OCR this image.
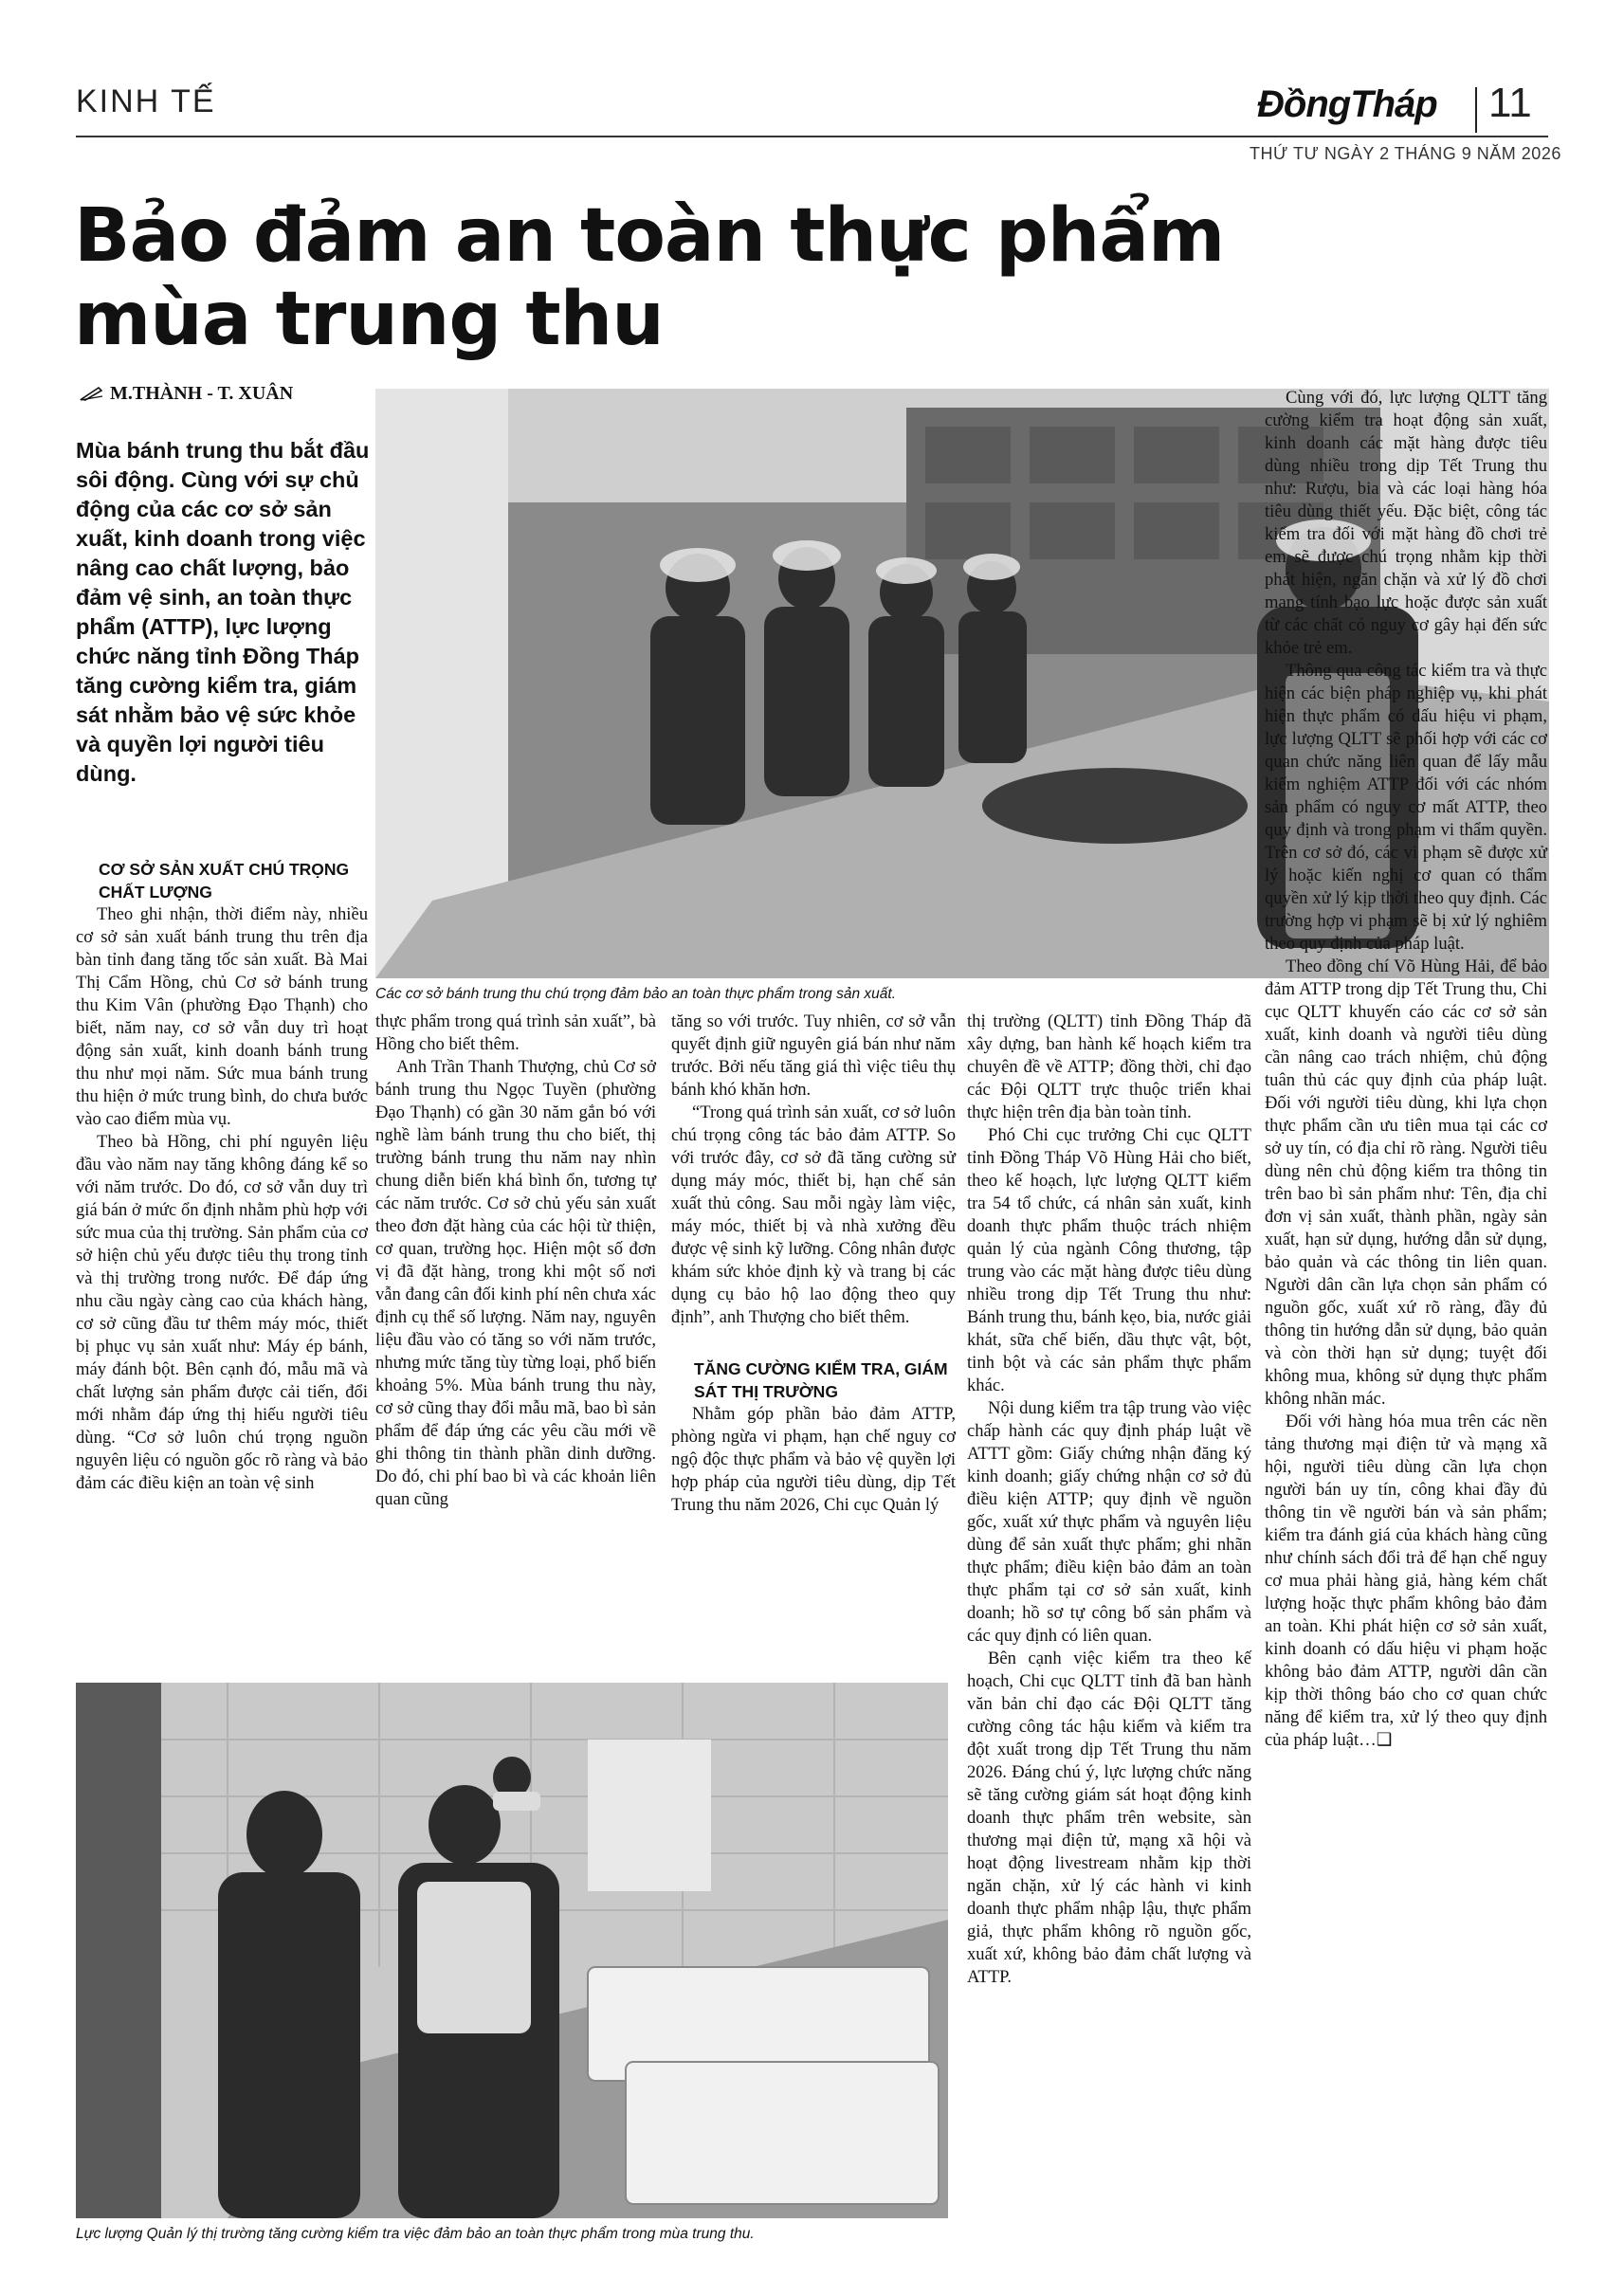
KINH TẾ	ĐồngTháp 11
THỨ TƯ NGÀY 2 THÁNG 9 NĂM 2026
Bảo đảm an toàn thực phẩm mùa trung thu
M.THÀNH - T. XUÂN
Mùa bánh trung thu bắt đầu sôi động. Cùng với sự chủ động của các cơ sở sản xuất, kinh doanh trong việc nâng cao chất lượng, bảo đảm vệ sinh, an toàn thực phẩm (ATTP), lực lượng chức năng tỉnh Đồng Tháp tăng cường kiểm tra, giám sát nhằm bảo vệ sức khỏe và quyền lợi người tiêu dùng.
Các cơ sở bánh trung thu chú trọng đảm bảo an toàn thực phẩm trong sản xuất.
CƠ SỞ SẢN XUẤT CHÚ TRỌNG CHẤT LƯỢNG

Theo ghi nhận, thời điểm này, nhiều cơ sở sản xuất bánh trung thu trên địa bàn tỉnh đang tăng tốc sản xuất. Bà Mai Thị Cẩm Hồng, chủ Cơ sở bánh trung thu Kim Vân (phường Đạo Thạnh) cho biết, năm nay, cơ sở vẫn duy trì hoạt động sản xuất, kinh doanh bánh trung thu như mọi năm. Sức mua bánh trung thu hiện ở mức trung bình, do chưa bước vào cao điểm mùa vụ.

Theo bà Hồng, chi phí nguyên liệu đầu vào năm nay tăng không đáng kể so với năm trước. Do đó, cơ sở vẫn duy trì giá bán ở mức ổn định nhằm phù hợp với sức mua của thị trường. Sản phẩm của cơ sở hiện chủ yếu được tiêu thụ trong tỉnh và thị trường trong nước. Để đáp ứng nhu cầu ngày càng cao của khách hàng, cơ sở cũng đầu tư thêm máy móc, thiết bị phục vụ sản xuất như: Máy ép bánh, máy đánh bột. Bên cạnh đó, mẫu mã và chất lượng sản phẩm được cải tiến, đổi mới nhằm đáp ứng thị hiếu người tiêu dùng. “Cơ sở luôn chú trọng nguồn nguyên liệu có nguồn gốc rõ ràng và bảo đảm các điều kiện an toàn vệ sinh

thực phẩm trong quá trình sản xuất”, bà Hồng cho biết thêm.

Anh Trần Thanh Thượng, chủ Cơ sở bánh trung thu Ngọc Tuyền (phường Đạo Thạnh) có gần 30 năm gắn bó với nghề làm bánh trung thu cho biết, thị trường bánh trung thu năm nay nhìn chung diễn biến khá bình ổn, tương tự các năm trước. Cơ sở chủ yếu sản xuất theo đơn đặt hàng của các hội từ thiện, cơ quan, trường học. Hiện một số đơn vị đã đặt hàng, trong khi một số nơi vẫn đang cân đối kinh phí nên chưa xác định cụ thể số lượng. Năm nay, nguyên liệu đầu vào có tăng so với năm trước, nhưng mức tăng tùy từng loại, phổ biến khoảng 5%. Mùa bánh trung thu này, cơ sở cũng thay đổi mẫu mã, bao bì sản phẩm để đáp ứng các yêu cầu mới về ghi thông tin thành phần dinh dưỡng. Do đó, chi phí bao bì và các khoản liên quan cũng

tăng so với trước. Tuy nhiên, cơ sở vẫn quyết định giữ nguyên giá bán như năm trước. Bởi nếu tăng giá thì việc tiêu thụ bánh khó khăn hơn.

“Trong quá trình sản xuất, cơ sở luôn chú trọng công tác bảo đảm ATTP. So với trước đây, cơ sở đã tăng cường sử dụng máy móc, thiết bị, hạn chế sản xuất thủ công. Sau mỗi ngày làm việc, máy móc, thiết bị và nhà xưởng đều được vệ sinh kỹ lưỡng. Công nhân được khám sức khỏe định kỳ và trang bị các dụng cụ bảo hộ lao động theo quy định”, anh Thượng cho biết thêm.

TĂNG CƯỜNG KIỂM TRA, GIÁM SÁT THỊ TRƯỜNG

Nhằm góp phần bảo đảm ATTP, phòng ngừa vi phạm, hạn chế nguy cơ ngộ độc thực phẩm và bảo vệ quyền lợi hợp pháp của người tiêu dùng, dịp Tết Trung thu năm 2026, Chi cục Quản lý

thị trường (QLTT) tỉnh Đồng Tháp đã xây dựng, ban hành kế hoạch kiểm tra chuyên đề về ATTP; đồng thời, chỉ đạo các Đội QLTT trực thuộc triển khai thực hiện trên địa bàn toàn tỉnh.

Phó Chi cục trưởng Chi cục QLTT tỉnh Đồng Tháp Võ Hùng Hải cho biết, theo kế hoạch, lực lượng QLTT kiểm tra 54 tổ chức, cá nhân sản xuất, kinh doanh thực phẩm thuộc trách nhiệm quản lý của ngành Công thương, tập trung vào các mặt hàng được tiêu dùng nhiều trong dịp Tết Trung thu như: Bánh trung thu, bánh kẹo, bia, nước giải khát, sữa chế biến, dầu thực vật, bột, tinh bột và các sản phẩm thực phẩm khác.

Nội dung kiểm tra tập trung vào việc chấp hành các quy định pháp luật về ATTT gồm: Giấy chứng nhận đăng ký kinh doanh; giấy chứng nhận cơ sở đủ điều kiện ATTP; quy định về nguồn gốc, xuất xứ thực phẩm và nguyên liệu dùng để sản xuất thực phẩm; ghi nhãn thực phẩm; điều kiện bảo đảm an toàn thực phẩm tại cơ sở sản xuất, kinh doanh; hồ sơ tự công bố sản phẩm và các quy định có liên quan.

Bên cạnh việc kiểm tra theo kế hoạch, Chi cục QLTT tỉnh đã ban hành văn bản chỉ đạo các Đội QLTT tăng cường công tác hậu kiểm và kiểm tra đột xuất trong dịp Tết Trung thu năm 2026. Đáng chú ý, lực lượng chức năng sẽ tăng cường giám sát hoạt động kinh doanh thực phẩm trên website, sàn thương mại điện tử, mạng xã hội và hoạt động livestream nhằm kịp thời ngăn chặn, xử lý các hành vi kinh doanh thực phẩm nhập lậu, thực phẩm giả, thực phẩm không rõ nguồn gốc, xuất xứ, không bảo đảm chất lượng và ATTP.

Cùng với đó, lực lượng QLTT tăng cường kiểm tra hoạt động sản xuất, kinh doanh các mặt hàng được tiêu dùng nhiều trong dịp Tết Trung thu như: Rượu, bia và các loại hàng hóa tiêu dùng thiết yếu. Đặc biệt, công tác kiểm tra đối với mặt hàng đồ chơi trẻ em sẽ được chú trọng nhằm kịp thời phát hiện, ngăn chặn và xử lý đồ chơi mang tính bạo lực hoặc được sản xuất từ các chất có nguy cơ gây hại đến sức khỏe trẻ em.

Thông qua công tác kiểm tra và thực hiện các biện pháp nghiệp vụ, khi phát hiện thực phẩm có dấu hiệu vi phạm, lực lượng QLTT sẽ phối hợp với các cơ quan chức năng liên quan để lấy mẫu kiểm nghiệm ATTP đối với các nhóm sản phẩm có nguy cơ mất ATTP, theo quy định và trong phạm vi thẩm quyền. Trên cơ sở đó, các vi phạm sẽ được xử lý hoặc kiến nghị cơ quan có thẩm quyền xử lý kịp thời theo quy định. Các trường hợp vi phạm sẽ bị xử lý nghiêm theo quy định của pháp luật.

Theo đồng chí Võ Hùng Hải, để bảo đảm ATTP trong dịp Tết Trung thu, Chi cục QLTT khuyến cáo các cơ sở sản xuất, kinh doanh và người tiêu dùng cần nâng cao trách nhiệm, chủ động tuân thủ các quy định của pháp luật. Đối với người tiêu dùng, khi lựa chọn thực phẩm cần ưu tiên mua tại các cơ sở uy tín, có địa chỉ rõ ràng. Người tiêu dùng nên chủ động kiểm tra thông tin trên bao bì sản phẩm như: Tên, địa chỉ đơn vị sản xuất, thành phần, ngày sản xuất, hạn sử dụng, hướng dẫn sử dụng, bảo quản và các thông tin liên quan. Người dân cần lựa chọn sản phẩm có nguồn gốc, xuất xứ rõ ràng, đầy đủ thông tin hướng dẫn sử dụng, bảo quản và còn thời hạn sử dụng; tuyệt đối không mua, không sử dụng thực phẩm không nhãn mác.

Đối với hàng hóa mua trên các nền tảng thương mại điện tử và mạng xã hội, người tiêu dùng cần lựa chọn người bán uy tín, công khai đầy đủ thông tin về người bán và sản phẩm; kiểm tra đánh giá của khách hàng cũng như chính sách đổi trả để hạn chế nguy cơ mua phải hàng giả, hàng kém chất lượng hoặc thực phẩm không bảo đảm an toàn. Khi phát hiện cơ sở sản xuất, kinh doanh có dấu hiệu vi phạm hoặc không bảo đảm ATTP, người dân cần kịp thời thông báo cho cơ quan chức năng để kiểm tra, xử lý theo quy định của pháp luật…❑

Lực lượng Quản lý thị trường tăng cường kiểm tra việc đảm bảo an toàn thực phẩm trong mùa trung thu.
